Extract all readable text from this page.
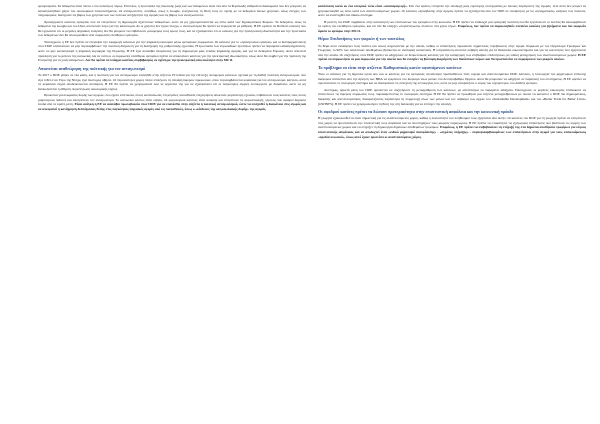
εμπορεύματα. Τα δεδομένα είναι πλέον ο πιο πολύτιμος πόρος. Επιπλέον, η προστασία της ιδιωτικής ζωής και των δεδομένων είναι ένα από τα θεμελιώδη ανθρώπινα δικαιώματα που δεν μπορούν να καταστρατηθούν χάριν του οικονομικού πλεονεκτήματος. Οι ανταγωνιστές, συνήθως, όπως η Google, ενισχύοντας τη θέση τους σε σχέση με τα δεδομένα άλλων χρηστών, όπως έλεγχος των πληροφοριών, διατηρούν εις βάρος των χρηστών και των πολιτών ανεξάρτητα της αγοράς και εις βάρος των ανταγωνιστών.

Χρειαζόμαστε κανόνες εμπορίου που να επιτρέπουν τη δημιουργία αξιόπιστων δεδομένων, ώστε να μη χρησιμοποιούνται ως όπλο κατά των δημοκρατικών θεσμών. Τα δεδομένα, όπως τα δεδομένα της Google και του Uber, αποτελούν πόρο για την καινοτομία. Αν οι χρήστες δεν έχουν έλεγχο, ο ανταγωνισμός θα πρέπει να περιοριστεί με ρύθμιση. Η ΕΕ οφείλει να θεσπίσει κανόνες που θα εγγυώνται ότι οι μεγάλες ψηφιακές εταιρείες δεν θα μπορούν να επιβάλλουν μονομερώς τους όρους τους, και να εξασφαλίσει ότι οι κανόνες για την ηλεκτρονική ιδιωτικότητα και την προστασία των δεδομένων δεν θα υπονομευθούν από συμφωνίες ελεύθερου εμπορίου.

Ταυτόχρονα, η ΕΕ δεν πρέπει να επιτρέψει την εφαρμογή κανόνων για την ψηφιακή οικονομία μέσω εμπορικών συμφωνιών. Οι κανόνες για το «ηλεκτρονικό εμπόριο» και οι διαπραγματεύσεις στον ΠΟΕ κινδυνεύουν να μην περιλαμβάνουν την πολιτική δέσμευση για τη διατήρηση της ρυθμιστικής εξουσίας. Η προστασία των ευρωπαϊκών προτύπων πρέπει να παραμείνει αδιαπραγμάτευτη, ώστε να μην καταστραφεί η ψηφιακή κυριαρχία της Ευρώπης. Η ΕΕ έχει αναλάβει δεσμεύσεις για τη δημιουργία μιας ενιαίας ψηφιακής αγοράς, και για τα Δεδομένα Ευρώπη. Αυτό αποτελεί πρόκληση για το μέλλον της κοινωνίας. Ως εκ τούτου, οι συμφωνίες ελεύθερου εμπορίου πρέπει να αποκλείουν κανόνες για την ηλεκτρονική ιδιωτικότητα, όπως αυτό θα συμβεί για την πρόταση της Επιτροπής για τις ροές δεδομένων. Δεν θα πρέπει να υπάρχει κανένας συμβιβασμός σε σχέση με την ηλεκτρονική ιδιωτικότητα στην MC11.

Απαιτείται αναθεώρηση της πολιτικής για τον ανταγωνισμό

Το 2017 ο ΠΟΕ μπήκε σε νέα φάση, και η πολιτική για τον ανταγωνισμό επανήλθε στην ατζέντα. Η ελπίδα για την επίτευξη πολυμερών κανόνων σχετικά με τη διεθνή πολιτική ανταγωνισμού, που είχε τεθεί στον Γύρο της Ντόχα, έχει δυστυχώς σβήσει. Οι περισσότερες χώρες πλέον επιλέγουν τη σύναψη διμερών συμφωνιών, όπου περιλαμβάνονται κεφάλαια για τον ανταγωνισμό. Ωστόσο, αυτά τα κεφάλαια συχνά αποδεικνύονται ανεπαρκή. Η ΕΕ θα πρέπει να χρησιμοποιεί όλα τα εργαλεία της για να εξασφαλίσει ότι οι παγκόσμιες αγορές λειτουργούν με διαφάνεια, ώστε να μη διευκολύνεται η αθέμιτη συγκέντρωση οικονομικής ισχύος.

Πρόκειται για ανωμαλίες δομής των αγορών, που έχουν επιπτώσεις στους καταναλωτές. Οι μεγάλες πολυεθνικές επιχειρήσεις αποκτούν μεγαλύτερη εξουσία, επιβάλλουν τους κανόνες τους στους μικρότερους παίκτες και αποτρέπουν τον ανταγωνισμό. Το κοινωνικό κόστος είναι υψηλό. Οι φορολογικοί κανόνες είναι ασαφείς και επιτρέπουν τη φοροαποφυγή, γεγονός που αφαιρεί δημόσια έσοδα από τα κράτη μέλη. Είναι ανάγκη η ΕΕ να αναλάβει πρωτοβουλία στον ΠΟΕ για να επανέλθει στην ατζέντα η πολιτική ανταγωνισμού, ώστε να ενισχυθεί η διαφάνεια στις αγορές και να αποτραπεί η κατάχρηση δεσπόζουσας θέσης στις παγκόσμιες ψηφιακές αγορές από τις πολυεθνικές, όπως ο «κίνδυνος της ολιγοπωλιακής δομής» της αγοράς.

κατάσταση κοινό εκ ένα ιστορικό τόπο είναι «αναπαραγωγή». Εάν ένα κράτος επιτρέπει την αποδοχή μιας ευρύτερης συνεργασίας με άλλους παράγοντες της αγοράς, τότε αυτό δεν μπορεί να χρησιμοποιηθεί ως όπλο κατά των αναπτυσσόμενων χωρών. Οι κανόνες «πρόσβασης στην αγορά» πρέπει να εξετάζονται από τον ΠΟΕ σε συνάρτηση με τις «πραγματικές» ανάγκες των πολιτών, ώστε να αναπτυχθεί ένα δίκαιο σύστημα.

Η μελέτη του ΠΟΕ συμβάλλει στην κατανόηση των επιπτώσεων του εμπορίου στην κοινωνία. Η ΕΕ πρέπει να επιδιώξει μια εμπορική πολιτική που θα εγγυάται ότι οι πολίτες θα απολαμβάνουν τα οφέλη του ελεύθερου εμπορίου, και ότι δεν θα υπάρξει «συγκέντρωση» πλούτου στα χέρια λίγων. Επομένως, δεν πρέπει να συμφωνηθούν επιπλέον κανόνες για ζητήματα που δεν αφορούν άμεσα το εμπόριο στην MC11.

Θέμα: Επιδοτήσεις των ψαριών ή των ναυτιλίας

Το θέμα αυτό ενδιαφέρει τους πολίτες και όσους ασχολούνται με την αλιεία, καθώς οι επιδοτήσεις προκαλούν σημαντικές στρεβλώσεις στην αγορά. Σύμφωνα με τον Οργανισμό Τροφίμων και Γεωργίας, το 90% των αλιευτικών αποθεμάτων βρίσκεται σε ανεπαρκή κατάσταση. Η υπεραλίευση αποτελεί σοβαρή απειλή για τα θαλάσσια οικοσυστήματα και για τις κοινότητες που εξαρτώνται από την αλιεία. Οι συζητήσεις στον ΠΟΕ πρέπει να οδηγήσουν σε δεσμευτικούς κανόνες για την κατάργηση των επιβλαβών επιδοτήσεων, με ειδική μεταχείριση των αναπτυσσόμενων χωρών. Η ΕΕ πρέπει να συμφωνήσει σε μια συμφωνία για την αλιεία που θα ενισχύει τη βιώσιμη διαχείριση των θαλάσσιων πόρων και θα προστατεύει τα συμφέροντα των μικρών αλιέων.

Το πρόβλημα να είναι στην ατζέντα: Καθοριστικός κανών υφιστάμενων κανόνων

Τόσο οι κανόνες για τη δημόσια υγεία όσο και οι κανόνες για τις εμπορικές συναλλαγές προϋποθέτουν έναν ισχυρό και αποτελεσματικό ΠΟΕ. Ωστόσο, η λειτουργία του μηχανισμού επίλυσης διαφορών απειλείται από την άρνηση των ΗΠΑ να εγκρίνουν τον διορισμό νέων μελών στο Δευτεροβάθμιο Όργανο. Αυτό θα μπορούσε να οδηγήσει σε παράλυση του συστήματος. Η ΕΕ οφείλει να προστατεύσει το πολυμερές σύστημα και να διασφαλίσει τη συνέχιση της λειτουργίας του, ώστε να μην επικρατήσει ο νόμος του ισχυρότερου στο διεθνές εμπόριο.

Δυστυχώς, αρκετά μέλη του ΠΟΕ αρνούνται να συζητήσουν τη μεταρρύθμιση των κανόνων, με αποτέλεσμα να παραμένει αδιέξοδο. Ταυτόχρονα, οι μεγάλες οικονομίες επιδιώκουν να επεκτείνουν τις διμερείς συμφωνίες τους, παρακάμπτοντας το πολυμερές σύστημα. Η ΕΕ θα πρέπει να προωθήσει μια ατζέντα μεταρρυθμίσεων με σκοπό να καταστεί ο ΠΟΕ πιο δημοκρατικός, διαφανής και αποτελεσματικός, διασφαλίζοντας παράλληλα τη συμμετοχή όλων των μελών και τον σεβασμό των αρχών του «Sustainable Development» και του «Better Trade for Better Lives» (OWINFS). Η ΕΕ πρέπει να χρησιμοποιήσει τη θέση της στη διάσκεψη για να επιτύχει την αλλαγή.

Οι σφοδρού κανόνες πρέπει να δώσουν προτεραιότητα στην επισιτιστική ασφάλεια και την κοινωνική πρόοδο

Η γεωργία εξακολουθεί να είναι σημαντική για τις αναπτυσσόμενες χώρες, καθώς η πλειονότητα του πληθυσμού τους εξαρτάται από αυτήν. Οι κανόνες του ΠΟΕ για τη γεωργία πρέπει να επιτρέπουν στις χώρες να προστατεύουν την επισιτιστική τους ασφάλεια και να υποστηρίζουν τους μικρούς παραγωγούς. Η ΕΕ πρέπει να σταματήσει τις εξαγωγικές επιδοτήσεις που βλάπτουν τις αγορές των αναπτυσσόμενων χωρών και να στηρίξει τη δημιουργία δημόσιων αποθεμάτων τροφίμων. Επομένως, η ΕΕ πρέπει να επιβεβαιώσει τη στήριξή της στα δημόσια αποθέματα τροφίμων για λόγους επισιτιστικής ασφάλειας και να αποδεχτεί έναν «ειδικό μηχανισμό διασφάλισης» - «αγρότες στήριξης» - συμπεριλαμβανομένων των επιδοτήσεων στην αγορά για τους επιδοτούμενους «προϊόντα κοινού», όπως αυτό έχουν προτείνει οι αναπτυσσόμενες χώρες.
